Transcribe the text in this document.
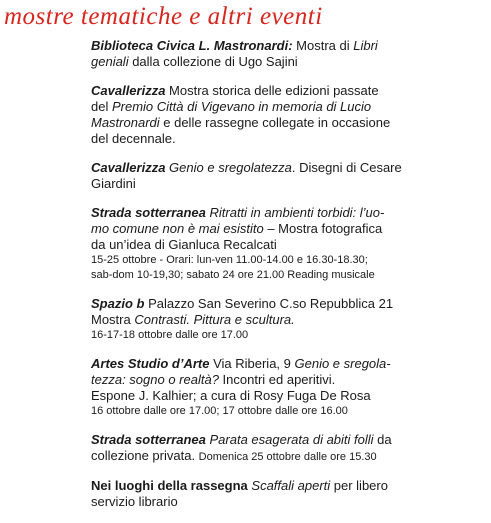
mostre tematiche e altri eventi
Biblioteca Civica L. Mastronardi: Mostra di Libri
geniali dalla collezione di Ugo Sajini
Cavallerizza Mostra storica delle edizioni passate
del Premio Città di Vigevano in memoria di Lucio
Mastronardi e delle rassegne collegate in occasione
del decennale.
Cavallerizza Genio e sregolatezza. Disegni di Cesare
Giardini
Strada sotterranea Ritratti in ambienti torbidi: l’uo-
mo comune non è mai esistito – Mostra fotografica
da un’idea di Gianluca Recalcati
15-25 ottobre - Orari: lun-ven 11.00-14.00 e 16.30-18.30;
sab-dom 10-19,30; sabato 24 ore 21.00 Reading musicale
Spazio b Palazzo San Severino C.so Repubblica 21
Mostra Contrasti. Pittura e scultura.
16-17-18 ottobre dalle ore 17.00
Artes Studio d’Arte Via Riberia, 9 Genio e sregola-
tezza: sogno o realtà? Incontri ed aperitivi.
Espone J. Kalhier; a cura di Rosy Fuga De Rosa
16 ottobre dalle ore 17.00; 17 ottobre dalle ore 16.00
Strada sotterranea Parata esagerata di abiti folli da
collezione privata. Domenica 25 ottobre dalle ore 15.30
Nei luoghi della rassegna Scaffali aperti per libero
servizio librario
